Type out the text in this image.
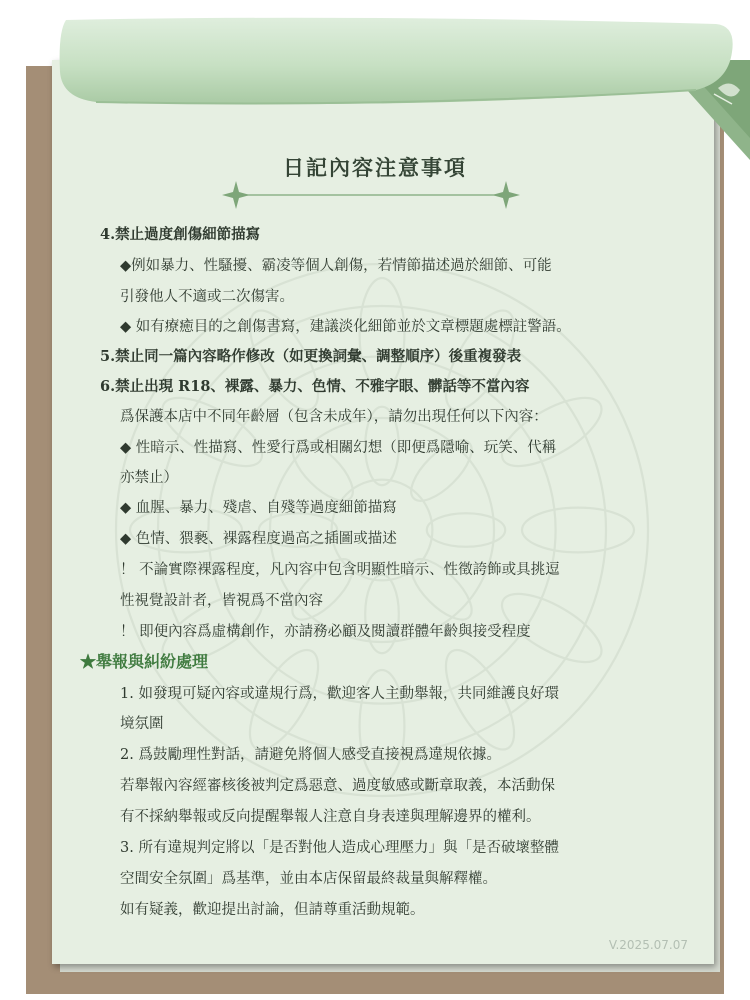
日記內容注意事項
4.禁止過度創傷細節描寫
◆例如暴力、性騷擾、霸凌等個人創傷，若情節描述過於細節、可能
引發他人不適或二次傷害。
◆ 如有療癒目的之創傷書寫，建議淡化細節並於文章標題處標註警語。
5.禁止同一篇內容略作修改（如更換詞彙、調整順序）後重複發表
6.禁止出現 R18、裸露、暴力、色情、不雅字眼、髒話等不當內容
爲保護本店中不同年齡層（包含未成年），請勿出現任何以下內容：
◆ 性暗示、性描寫、性愛行爲或相關幻想（即便爲隱喻、玩笑、代稱
亦禁止）
◆ 血腥、暴力、殘虐、自殘等過度細節描寫
◆ 色情、猥褻、裸露程度過高之插圖或描述
！ 不論實際裸露程度，凡內容中包含明顯性暗示、性徵誇飾或具挑逗
性視覺設計者，皆視爲不當內容
！ 即便內容爲虛構創作，亦請務必顧及閱讀群體年齡與接受程度
★舉報與糾紛處理
1. 如發現可疑內容或違規行爲，歡迎客人主動舉報，共同維護良好環
境氛圍
2. 爲鼓勵理性對話，請避免將個人感受直接視爲違規依據。
若舉報內容經審核後被判定爲惡意、過度敏感或斷章取義，本活動保
有不採納舉報或反向提醒舉報人注意自身表達與理解邊界的權利。
3. 所有違規判定將以「是否對他人造成心理壓力」與「是否破壞整體
空間安全氛圍」爲基準，並由本店保留最終裁量與解釋權。
如有疑義，歡迎提出討論，但請尊重活動規範。
V.2025.07.07
